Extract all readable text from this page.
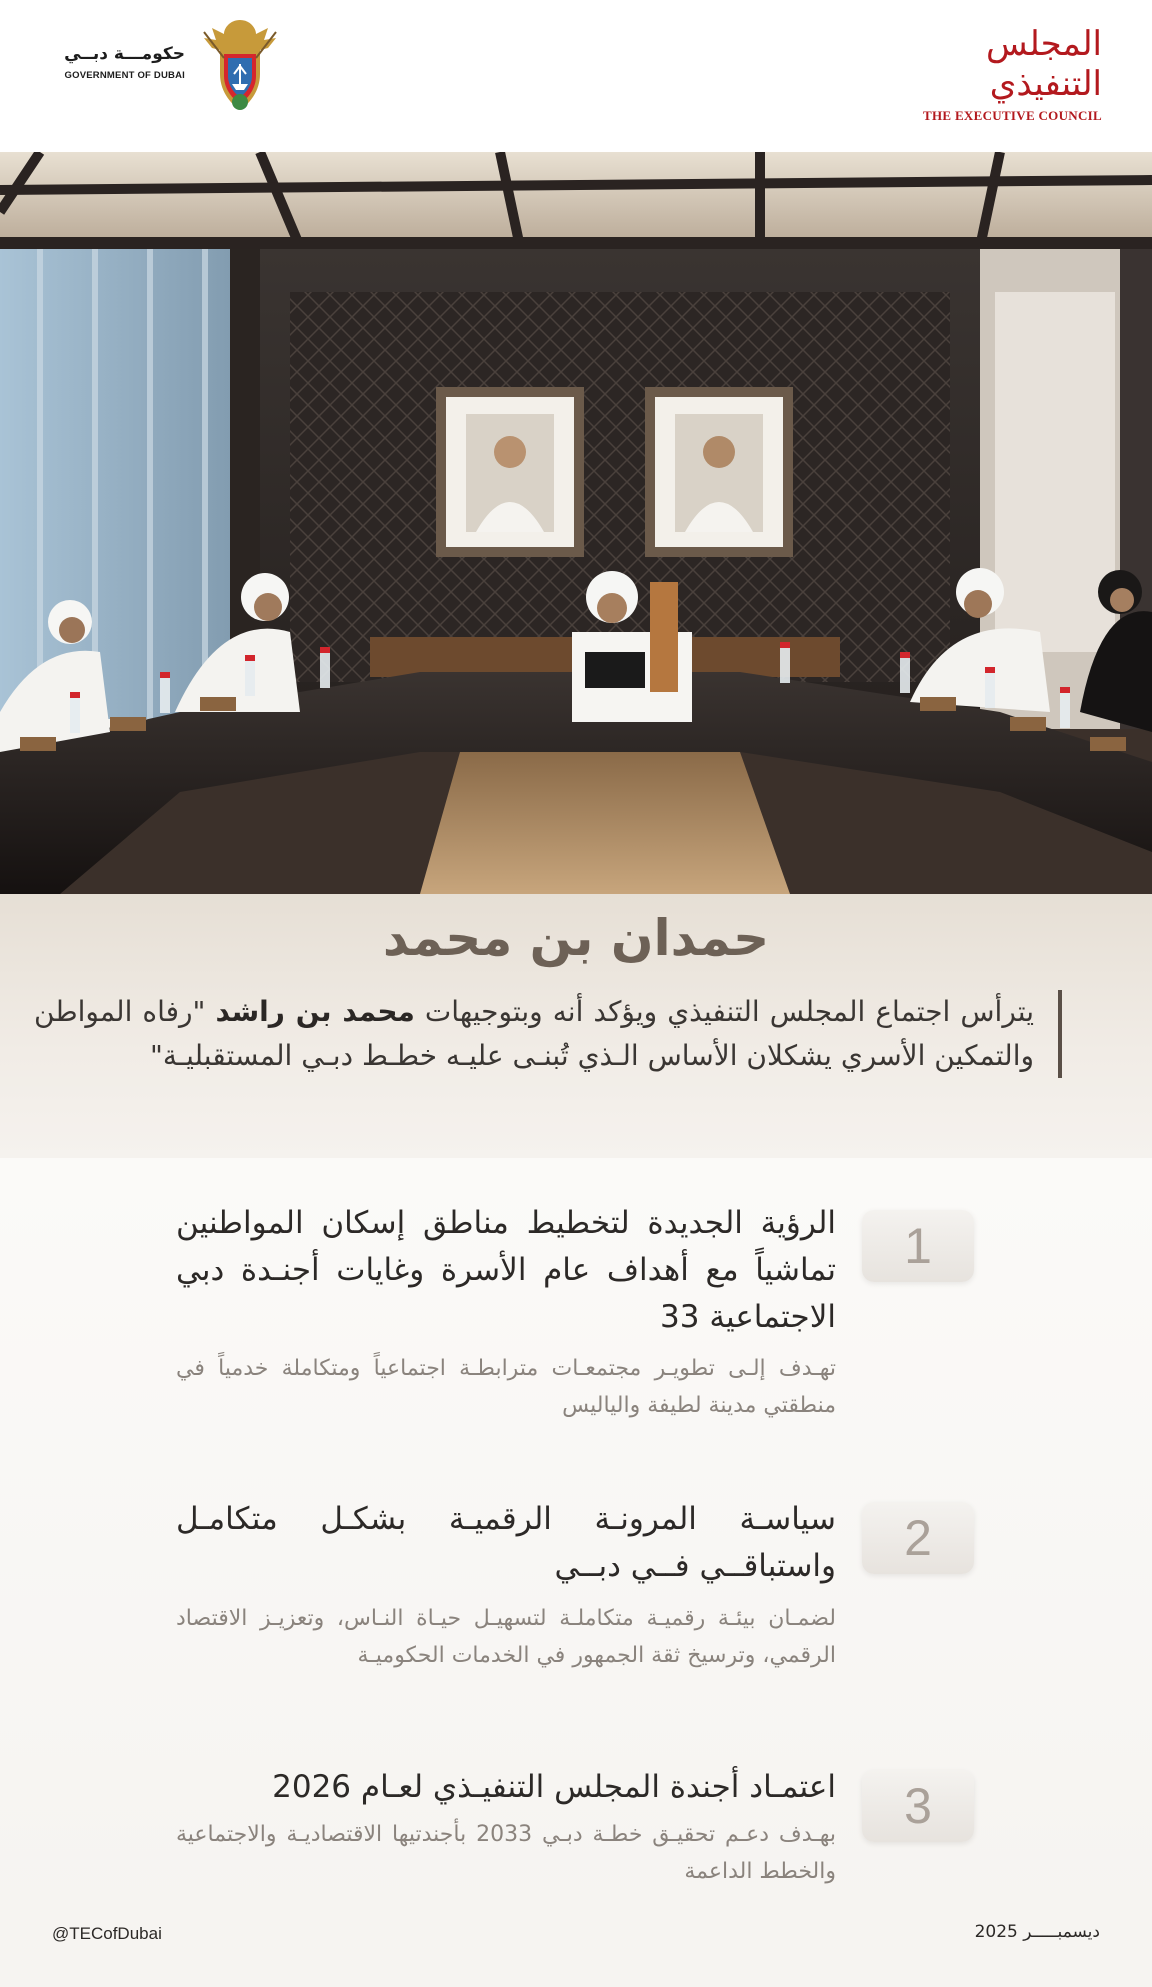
حكومـــة دبــي
GOVERNMENT OF DUBAI
المجلس التنفيذي
THE EXECUTIVE COUNCIL
حمدان بن محمد
يترأس اجتماع المجلس التنفيذي ويؤكد أنه وبتوجيهات محمد بن راشد "رفاه المواطن والتمكين الأسري يشكلان الأساس الـذي تُبنـى عليـه خطـط دبـي المستقبليـة"
1
الرؤية الجديدة لتخطيط مناطق إسكان المواطنين تماشياً مع أهداف عام الأسرة وغايات أجنـدة دبي الاجتماعية 33
تهـدف إلـى تطويـر مجتمعـات مترابطـة اجتماعياً ومتكاملة خدمياً في منطقتي مدينة لطيفة والياليس
2
سياسـة المرونـة الرقميـة بشكـل متكامـل واستباقــي فــي دبــي
لضمـان بيئـة رقميـة متكاملـة لتسهيـل حيـاة النـاس، وتعزيـز الاقتصاد الرقمي، وترسيخ ثقة الجمهور في الخدمات الحكوميـة
3
اعتمـاد أجندة المجلس التنفيـذي لعـام 2026
بهـدف دعـم تحقيـق خطـة دبـي 2033 بأجندتيها الاقتصاديـة والاجتماعية والخطط الداعمة
@TECofDubai	ديسمبـــــر 2025
